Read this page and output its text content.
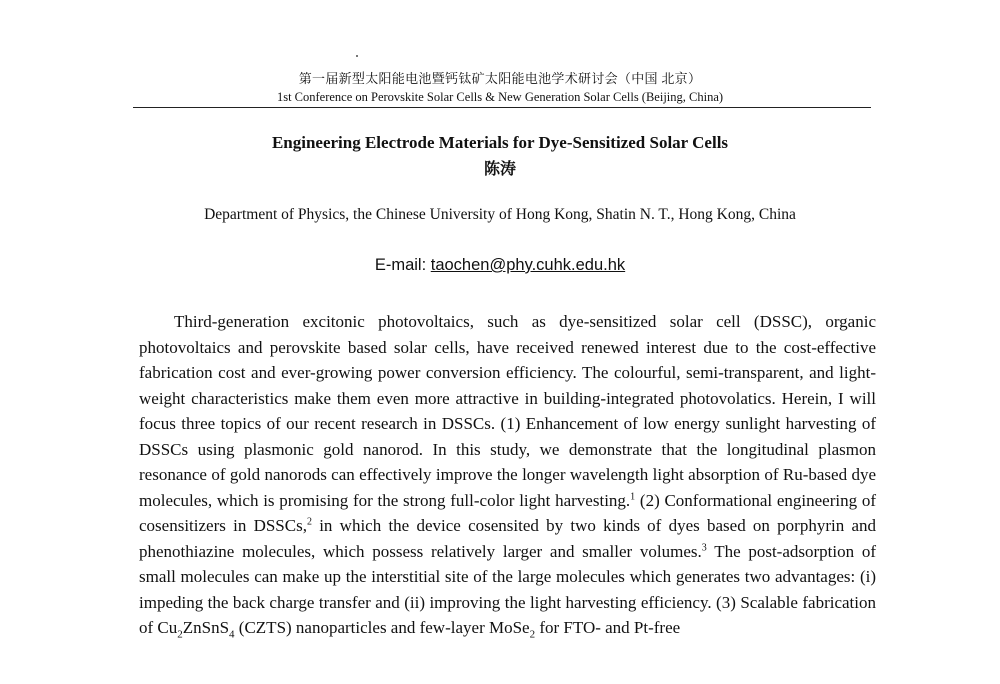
第一届新型太阳能电池暨钙钛矿太阳能电池学术研讨会（中国 北京）
1st Conference on Perovskite Solar Cells & New Generation Solar Cells (Beijing, China)
Engineering Electrode Materials for Dye-Sensitized Solar Cells
陈涛
Department of Physics, the Chinese University of Hong Kong, Shatin N. T., Hong Kong, China
E-mail: taochen@phy.cuhk.edu.hk

Third-generation excitonic photovoltaics, such as dye-sensitized solar cell (DSSC), organic photovoltaics and perovskite based solar cells, have received renewed interest due to the cost-effective fabrication cost and ever-growing power conversion efficiency. The colourful, semi-transparent, and light-weight characteristics make them even more attractive in building-integrated photovolatics. Herein, I will focus three topics of our recent research in DSSCs. (1) Enhancement of low energy sunlight harvesting of DSSCs using plasmonic gold nanorod. In this study, we demonstrate that the longitudinal plasmon resonance of gold nanorods can effectively improve the longer wavelength light absorption of Ru-based dye molecules, which is promising for the strong full-color light harvesting.$^1$ (2) Conformational engineering of cosensitizers in DSSCs,$^2$ in which the device cosensited by two kinds of dyes based on porphyrin and phenothiazine molecules, which possess relatively larger and smaller volumes.$^3$ The post-adsorption of small molecules can make up the interstitial site of the large molecules which generates two advantages: (i) impeding the back charge transfer and (ii) improving the light harvesting efficiency. (3) Scalable fabrication of $Cu_2ZnSnS_4$ (CZTS) nanoparticles and few-layer MoSe$_2$ for FTO- and Pt-free
